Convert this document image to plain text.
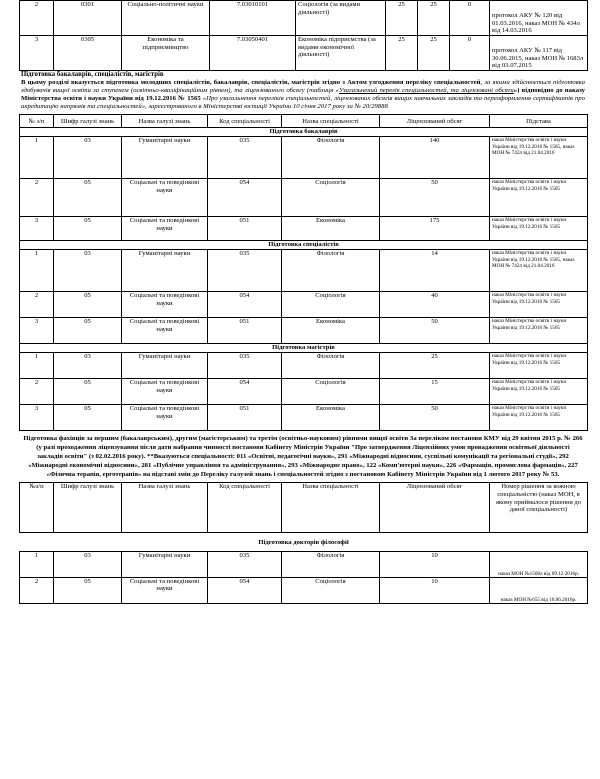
2	0301	Соціально-політичні науки	7.03010101	Соціологія (за видами діяльності)	25	25	0	протокол АКУ № 120 від 01.03.2016, наказ МОН № 434л від 14.03.2016
3	0305	Економіка та підприємництво	7.03050401	Економіка підприємства (за видами економічної діяльності)	25	25	0	протокол АКУ № 117 від 30.06.2015, наказ МОН № 1683л від 03.07.2015
Підготовка бакалаврів, спеціалістів, магістрів
В цьому розділі вказується підготовка молодших спеціалістів, бакалаврів, спеціалістів, магістрів згідно з Актом узгодження переліку спеціальностей, за якими здійснюється підготовка здобувачів вищої освіти за ступенем (освітньо-кваліфікаційним рівнем), та ліцензованого обсягу (таблиця «Узагальнений перелік спеціальностей, та ліцензовані обсяги») відповідно до наказу Міністерства освіти і науки України від 19.12.2016 № 1565 «Про узагальнення переліків спеціальностей, ліцензованих обсягів вищих навчальних закладів та переоформлення сертифікатів про акредитацію напрямів та спеціальностей», зареєстрованого в Міністерстві юстиції України 10 січня 2017 року за № 20/29888
№ з/п	Шифр галузі знань	Назва галузі знань	Код спеціальності	Назва спеціальності	Ліцензований обсяг	Підстава
Підготовка бакалаврів						
1	03	Гуманітарні науки	035	Філологія	140	наказ Міністерства освіти і науки України від 19.12.2016 № 1565, наказ МОН № 742л від 21.04.2016
2	05	Соціальні та поведінкові науки	054	Соціологія	50	наказ Міністерства освіти і науки України від 19.12.2016 № 1565
3	05	Соціальні та поведінкові науки	051	Економіка	175	наказ Міністерства освіти і науки України від 19.12.2016 № 1565
Підготовка спеціалістів						
1	03	Гуманітарні науки	035	Філологія	14	наказ Міністерства освіти і науки України від 19.12.2016 № 1565, наказ МОН № 742л від 21.04.2016
2	05	Соціальні та поведінкові науки	054	Соціологія	40	наказ Міністерства освіти і науки України від 19.12.2016 № 1565
3	05	Соціальні та поведінкові науки	051	Економіка	50	наказ Міністерства освіти і науки України від 19.12.2016 № 1565
Підготовка магістрів						
1	03	Гуманітарні науки	035	Філологія	25	наказ Міністерства освіти і науки України від 19.12.2016 № 1565
2	05	Соціальні та поведінкові науки	054	Соціологія	15	наказ Міністерства освіти і науки України від 19.12.2016 № 1565
3	05	Соціальні та поведінкові науки	051	Економіка	50	наказ Міністерства освіти і науки України від 19.12.2016 № 1565
Підготовка фахівців за першим (бакалаврським), другим (магістерським) та третім (освітньо-науковим) рівнями вищої освіти За переліком постанови КМУ від 29 квітня 2015 р. № 266 (у разі проходження ліцензування після дати набрання чинності постанови Кабінету Міністрів України "Про затвердження Ліцензійних умов провадження освітньої діяльності закладів освіти" (з 02.02.2016 року). **Вказуються спеціальності: 011 «Освітні, педагогічні науки», 291 «Міжнародні відносини, суспільні комунікації та регіональні студії», 292 «Міжнародні економічні відносини», 281 «Публічне управління та адміністрування», 293 «Міжнародне право», 122 «Комп'ютерні науки», 226 «Фармація, промислова фармація», 227 «Фізична терапія, ерготерапія» на підставі змін до Переліку галузей знань і спеціальностей згідно з постановою Кабінету Міністрів України від 1 лютого 2017 року № 53.
№з/п	Шифр галузі знань	Назва галузі знань	Код спеціальності	Назва спеціальності	Ліцензований обсяг	Номер рішення за кожною спеціальністю (наказ МОН, в якому приймалося рішення до даної спеціальності)
Підготовка докторів філософії						
1	03	Гуманітарні науки	035	Філологія	10	наказ МОН №1508л від 09.12.2016р.
2	05	Соціальні та поведінкові науки	054	Соціологія	10	наказ МОН №655 від 10.06.2016р.
